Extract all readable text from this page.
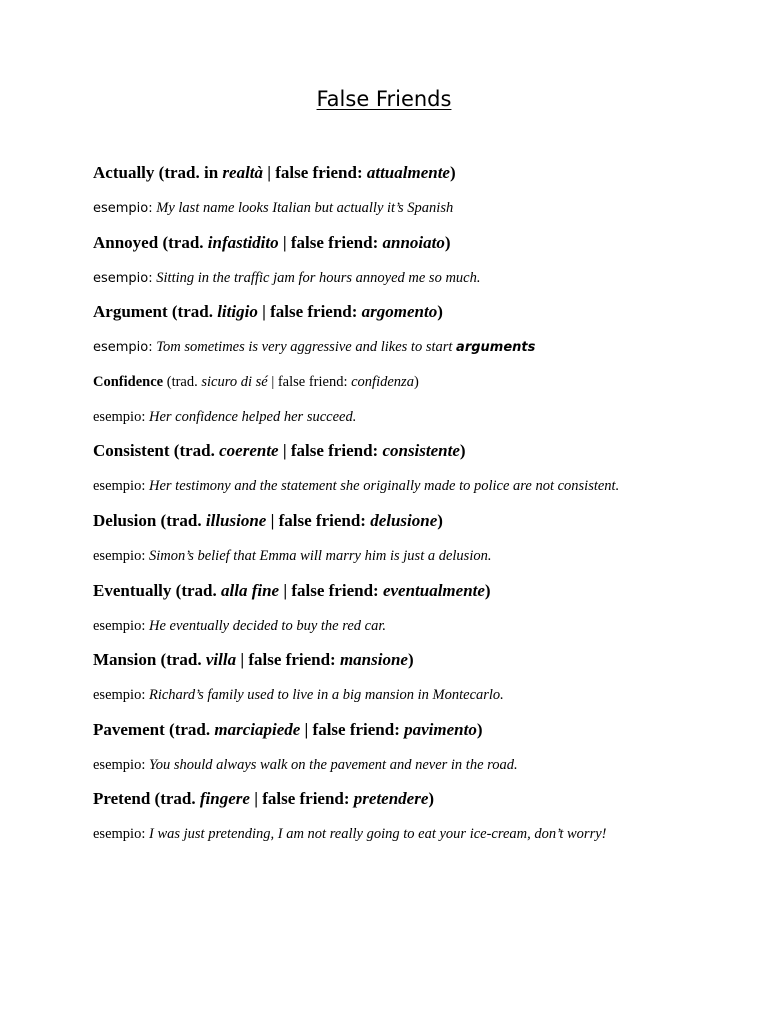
False Friends
Actually (trad. in realtà | false friend: attualmente)
esempio: My last name looks Italian but actually it’s Spanish
Annoyed (trad. infastidito | false friend: annoiato)
esempio: Sitting in the traffic jam for hours annoyed me so much.
Argument (trad. litigio | false friend: argomento)
esempio: Tom sometimes is very aggressive and likes to start arguments
Confidence (trad. sicuro di sé | false friend: confidenza)
esempio: Her confidence helped her succeed.
Consistent (trad. coerente | false friend: consistente)
esempio: Her testimony and the statement she originally made to police are not consistent.
Delusion (trad. illusione | false friend: delusione)
esempio: Simon’s belief that Emma will marry him is just a delusion.
Eventually (trad. alla fine | false friend: eventualmente)
esempio: He eventually decided to buy the red car.
Mansion (trad. villa | false friend: mansione)
esempio: Richard’s family used to live in a big mansion in Montecarlo.
Pavement (trad. marciapiede | false friend: pavimento)
esempio: You should always walk on the pavement and never in the road.
Pretend (trad. fingere | false friend: pretendere)
esempio: I was just pretending, I am not really going to eat your ice-cream, don’t worry!
